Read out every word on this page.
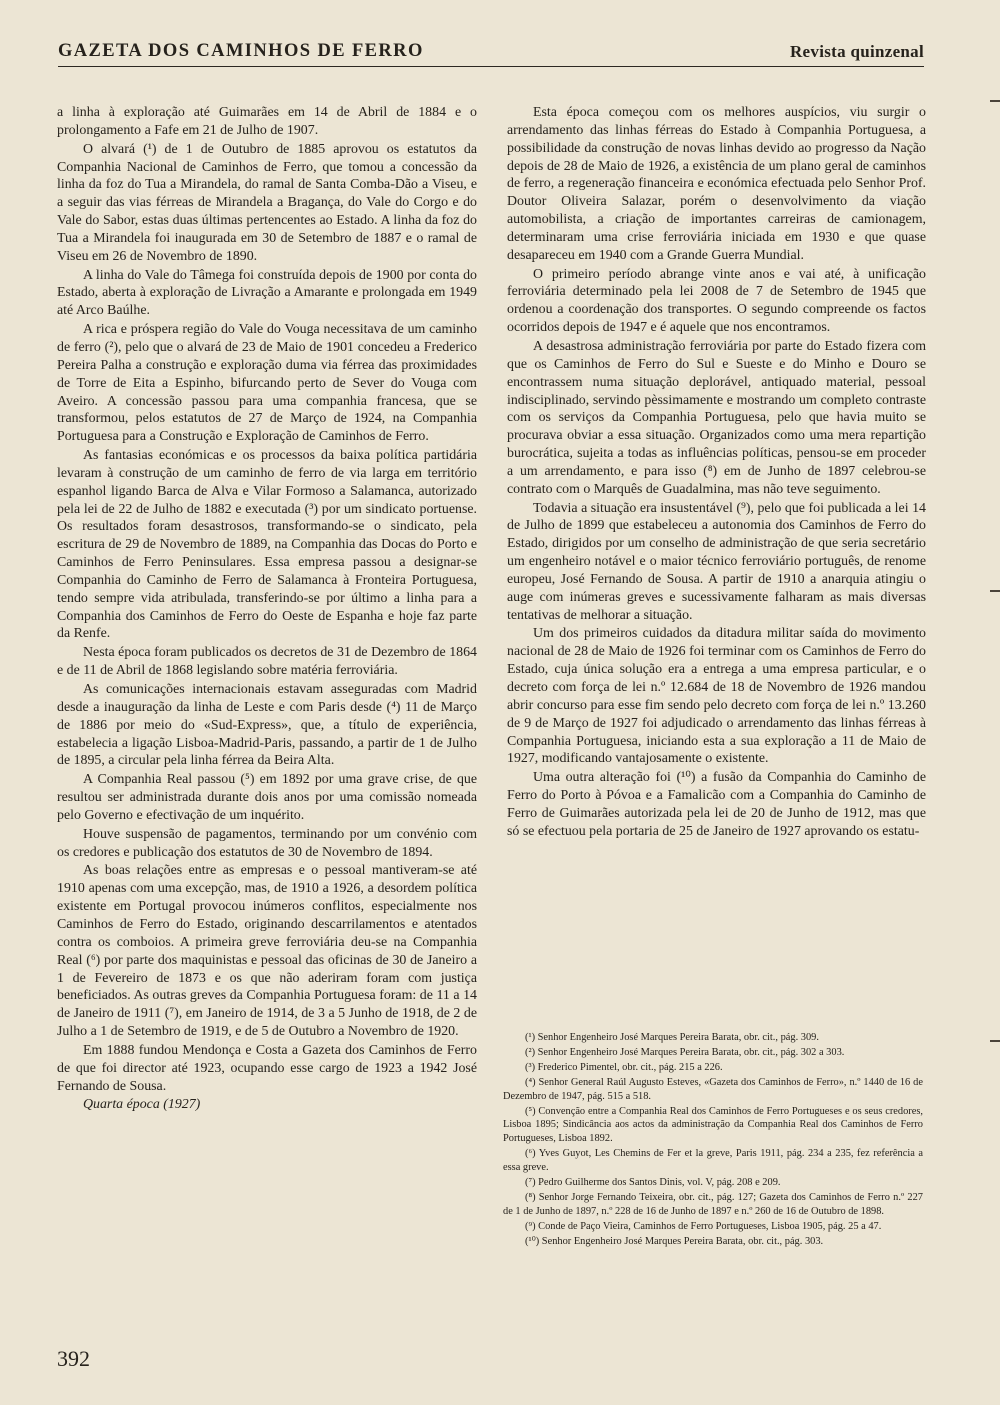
GAZETA DOS CAMINHOS DE FERRO	Revista quinzenal

a linha à exploração até Guimarães em 14 de Abril de 1884 e o prolongamento a Fafe em 21 de Julho de 1907.

O alvará (¹) de 1 de Outubro de 1885 aprovou os estatutos da Companhia Nacional de Caminhos de Ferro, que tomou a concessão da linha da foz do Tua a Mirandela, do ramal de Santa Comba-Dão a Viseu, e a seguir das vias férreas de Mirandela a Bragança, do Vale do Corgo e do Vale do Sabor, estas duas últimas pertencentes ao Estado. A linha da foz do Tua a Mirandela foi inaugurada em 30 de Setembro de 1887 e o ramal de Viseu em 26 de Novembro de 1890.

A linha do Vale do Tâmega foi construída depois de 1900 por conta do Estado, aberta à exploração de Livração a Amarante e prolongada em 1949 até Arco Baúlhe.

A rica e próspera região do Vale do Vouga necessitava de um caminho de ferro (²), pelo que o alvará de 23 de Maio de 1901 concedeu a Frederico Pereira Palha a construção e exploração duma via férrea das proximidades de Torre de Eita a Espinho, bifurcando perto de Sever do Vouga com Aveiro. A concessão passou para uma companhia francesa, que se transformou, pelos estatutos de 27 de Março de 1924, na Companhia Portuguesa para a Construção e Exploração de Caminhos de Ferro.

As fantasias económicas e os processos da baixa política partidária levaram à construção de um caminho de ferro de via larga em território espanhol ligando Barca de Alva e Vilar Formoso a Salamanca, autorizado pela lei de 22 de Julho de 1882 e executada (³) por um sindicato portuense. Os resultados foram desastrosos, transformando-se o sindicato, pela escritura de 29 de Novembro de 1889, na Companhia das Docas do Porto e Caminhos de Ferro Peninsulares. Essa empresa passou a designar-se Companhia do Caminho de Ferro de Salamanca à Fronteira Portuguesa, tendo sempre vida atribulada, transferindo-se por último a linha para a Companhia dos Caminhos de Ferro do Oeste de Espanha e hoje faz parte da Renfe.

Nesta época foram publicados os decretos de 31 de Dezembro de 1864 e de 11 de Abril de 1868 legislando sobre matéria ferroviária.

As comunicações internacionais estavam asseguradas com Madrid desde a inauguração da linha de Leste e com Paris desde (⁴) 11 de Março de 1886 por meio do «Sud-Express», que, a título de experiência, estabelecia a ligação Lisboa-Madrid-Paris, passando, a partir de 1 de Julho de 1895, a circular pela linha férrea da Beira Alta.

A Companhia Real passou (⁵) em 1892 por uma grave crise, de que resultou ser administrada durante dois anos por uma comissão nomeada pelo Governo e efectivação de um inquérito.

Houve suspensão de pagamentos, terminando por um convénio com os credores e publicação dos estatutos de 30 de Novembro de 1894.

As boas relações entre as empresas e o pessoal mantiveram-se até 1910 apenas com uma excepção, mas, de 1910 a 1926, a desordem política existente em Portugal provocou inúmeros conflitos, especialmente nos Caminhos de Ferro do Estado, originando descarrilamentos e atentados contra os comboios. A primeira greve ferroviária deu-se na Companhia Real (⁶) por parte dos maquinistas e pessoal das oficinas de 30 de Janeiro a 1 de Fevereiro de 1873 e os que não aderiram foram com justiça beneficiados. As outras greves da Companhia Portuguesa foram: de 11 a 14 de Janeiro de 1911 (⁷), em Janeiro de 1914, de 3 a 5 Junho de 1918, de 2 de Julho a 1 de Setembro de 1919, e de 5 de Outubro a Novembro de 1920.

Em 1888 fundou Mendonça e Costa a Gazeta dos Caminhos de Ferro de que foi director até 1923, ocupando esse cargo de 1923 a 1942 José Fernando de Sousa.

Quarta época (1927)

Esta época começou com os melhores auspícios, viu surgir o arrendamento das linhas férreas do Estado à Companhia Portuguesa, a possibilidade da construção de novas linhas devido ao progresso da Nação depois de 28 de Maio de 1926, a existência de um plano geral de caminhos de ferro, a regeneração financeira e económica efectuada pelo Senhor Prof. Doutor Oliveira Salazar, porém o desenvolvimento da viação automobilista, a criação de importantes carreiras de camionagem, determinaram uma crise ferroviária iniciada em 1930 e que quase desapareceu em 1940 com a Grande Guerra Mundial.

O primeiro período abrange vinte anos e vai até, à unificação ferroviária determinado pela lei 2008 de 7 de Setembro de 1945 que ordenou a coordenação dos transportes. O segundo compreende os factos ocorridos depois de 1947 e é aquele que nos encontramos.

A desastrosa administração ferroviária por parte do Estado fizera com que os Caminhos de Ferro do Sul e Sueste e do Minho e Douro se encontrassem numa situação deplorável, antiquado material, pessoal indisciplinado, servindo pèssimamente e mostrando um completo contraste com os serviços da Companhia Portuguesa, pelo que havia muito se procurava obviar a essa situação. Organizados como uma mera repartição burocrática, sujeita a todas as influências políticas, pensou-se em proceder a um arrendamento, e para isso (⁸) em de Junho de 1897 celebrou-se contrato com o Marquês de Guadalmina, mas não teve seguimento.

Todavia a situação era insustentável (⁹), pelo que foi publicada a lei 14 de Julho de 1899 que estabeleceu a autonomia dos Caminhos de Ferro do Estado, dirigidos por um conselho de administração de que seria secretário um engenheiro notável e o maior técnico ferroviário português, de renome europeu, José Fernando de Sousa. A partir de 1910 a anarquia atingiu o auge com inúmeras greves e sucessivamente falharam as mais diversas tentativas de melhorar a situação.

Um dos primeiros cuidados da ditadura militar saída do movimento nacional de 28 de Maio de 1926 foi terminar com os Caminhos de Ferro do Estado, cuja única solução era a entrega a uma empresa particular, e o decreto com força de lei n.º 12.684 de 18 de Novembro de 1926 mandou abrir concurso para esse fim sendo pelo decreto com força de lei n.º 13.260 de 9 de Março de 1927 foi adjudicado o arrendamento das linhas férreas à Companhia Portuguesa, iniciando esta a sua exploração a 11 de Maio de 1927, modificando vantajosamente o existente.

Uma outra alteração foi (¹⁰) a fusão da Companhia do Caminho de Ferro do Porto à Póvoa e a Famalicão com a Companhia do Caminho de Ferro de Guimarães autorizada pela lei de 20 de Junho de 1912, mas que só se efectuou pela portaria de 25 de Janeiro de 1927 aprovando os estatu-

(¹) Senhor Engenheiro José Marques Pereira Barata, obr. cit., pág. 309.

(²) Senhor Engenheiro José Marques Pereira Barata, obr. cit., pág. 302 a 303.

(³) Frederico Pimentel, obr. cit., pág. 215 a 226.

(⁴) Senhor General Raúl Augusto Esteves, «Gazeta dos Caminhos de Ferro», n.º 1440 de 16 de Dezembro de 1947, pág. 515 a 518.

(⁵) Convenção entre a Companhia Real dos Caminhos de Ferro Portugueses e os seus credores, Lisboa 1895; Sindicância aos actos da administração da Companhia Real dos Caminhos de Ferro Portugueses, Lisboa 1892.

(⁶) Yves Guyot, Les Chemins de Fer et la greve, Paris 1911, pág. 234 a 235, fez referência a essa greve.

(⁷) Pedro Guilherme dos Santos Dinis, vol. V, pág. 208 e 209.

(⁸) Senhor Jorge Fernando Teixeira, obr. cit., pág. 127; Gazeta dos Caminhos de Ferro n.º 227 de 1 de Junho de 1897, n.º 228 de 16 de Junho de 1897 e n.º 260 de 16 de Outubro de 1898.

(⁹) Conde de Paço Vieira, Caminhos de Ferro Portugueses, Lisboa 1905, pág. 25 a 47.

(¹⁰) Senhor Engenheiro José Marques Pereira Barata, obr. cit., pág. 303.

392
